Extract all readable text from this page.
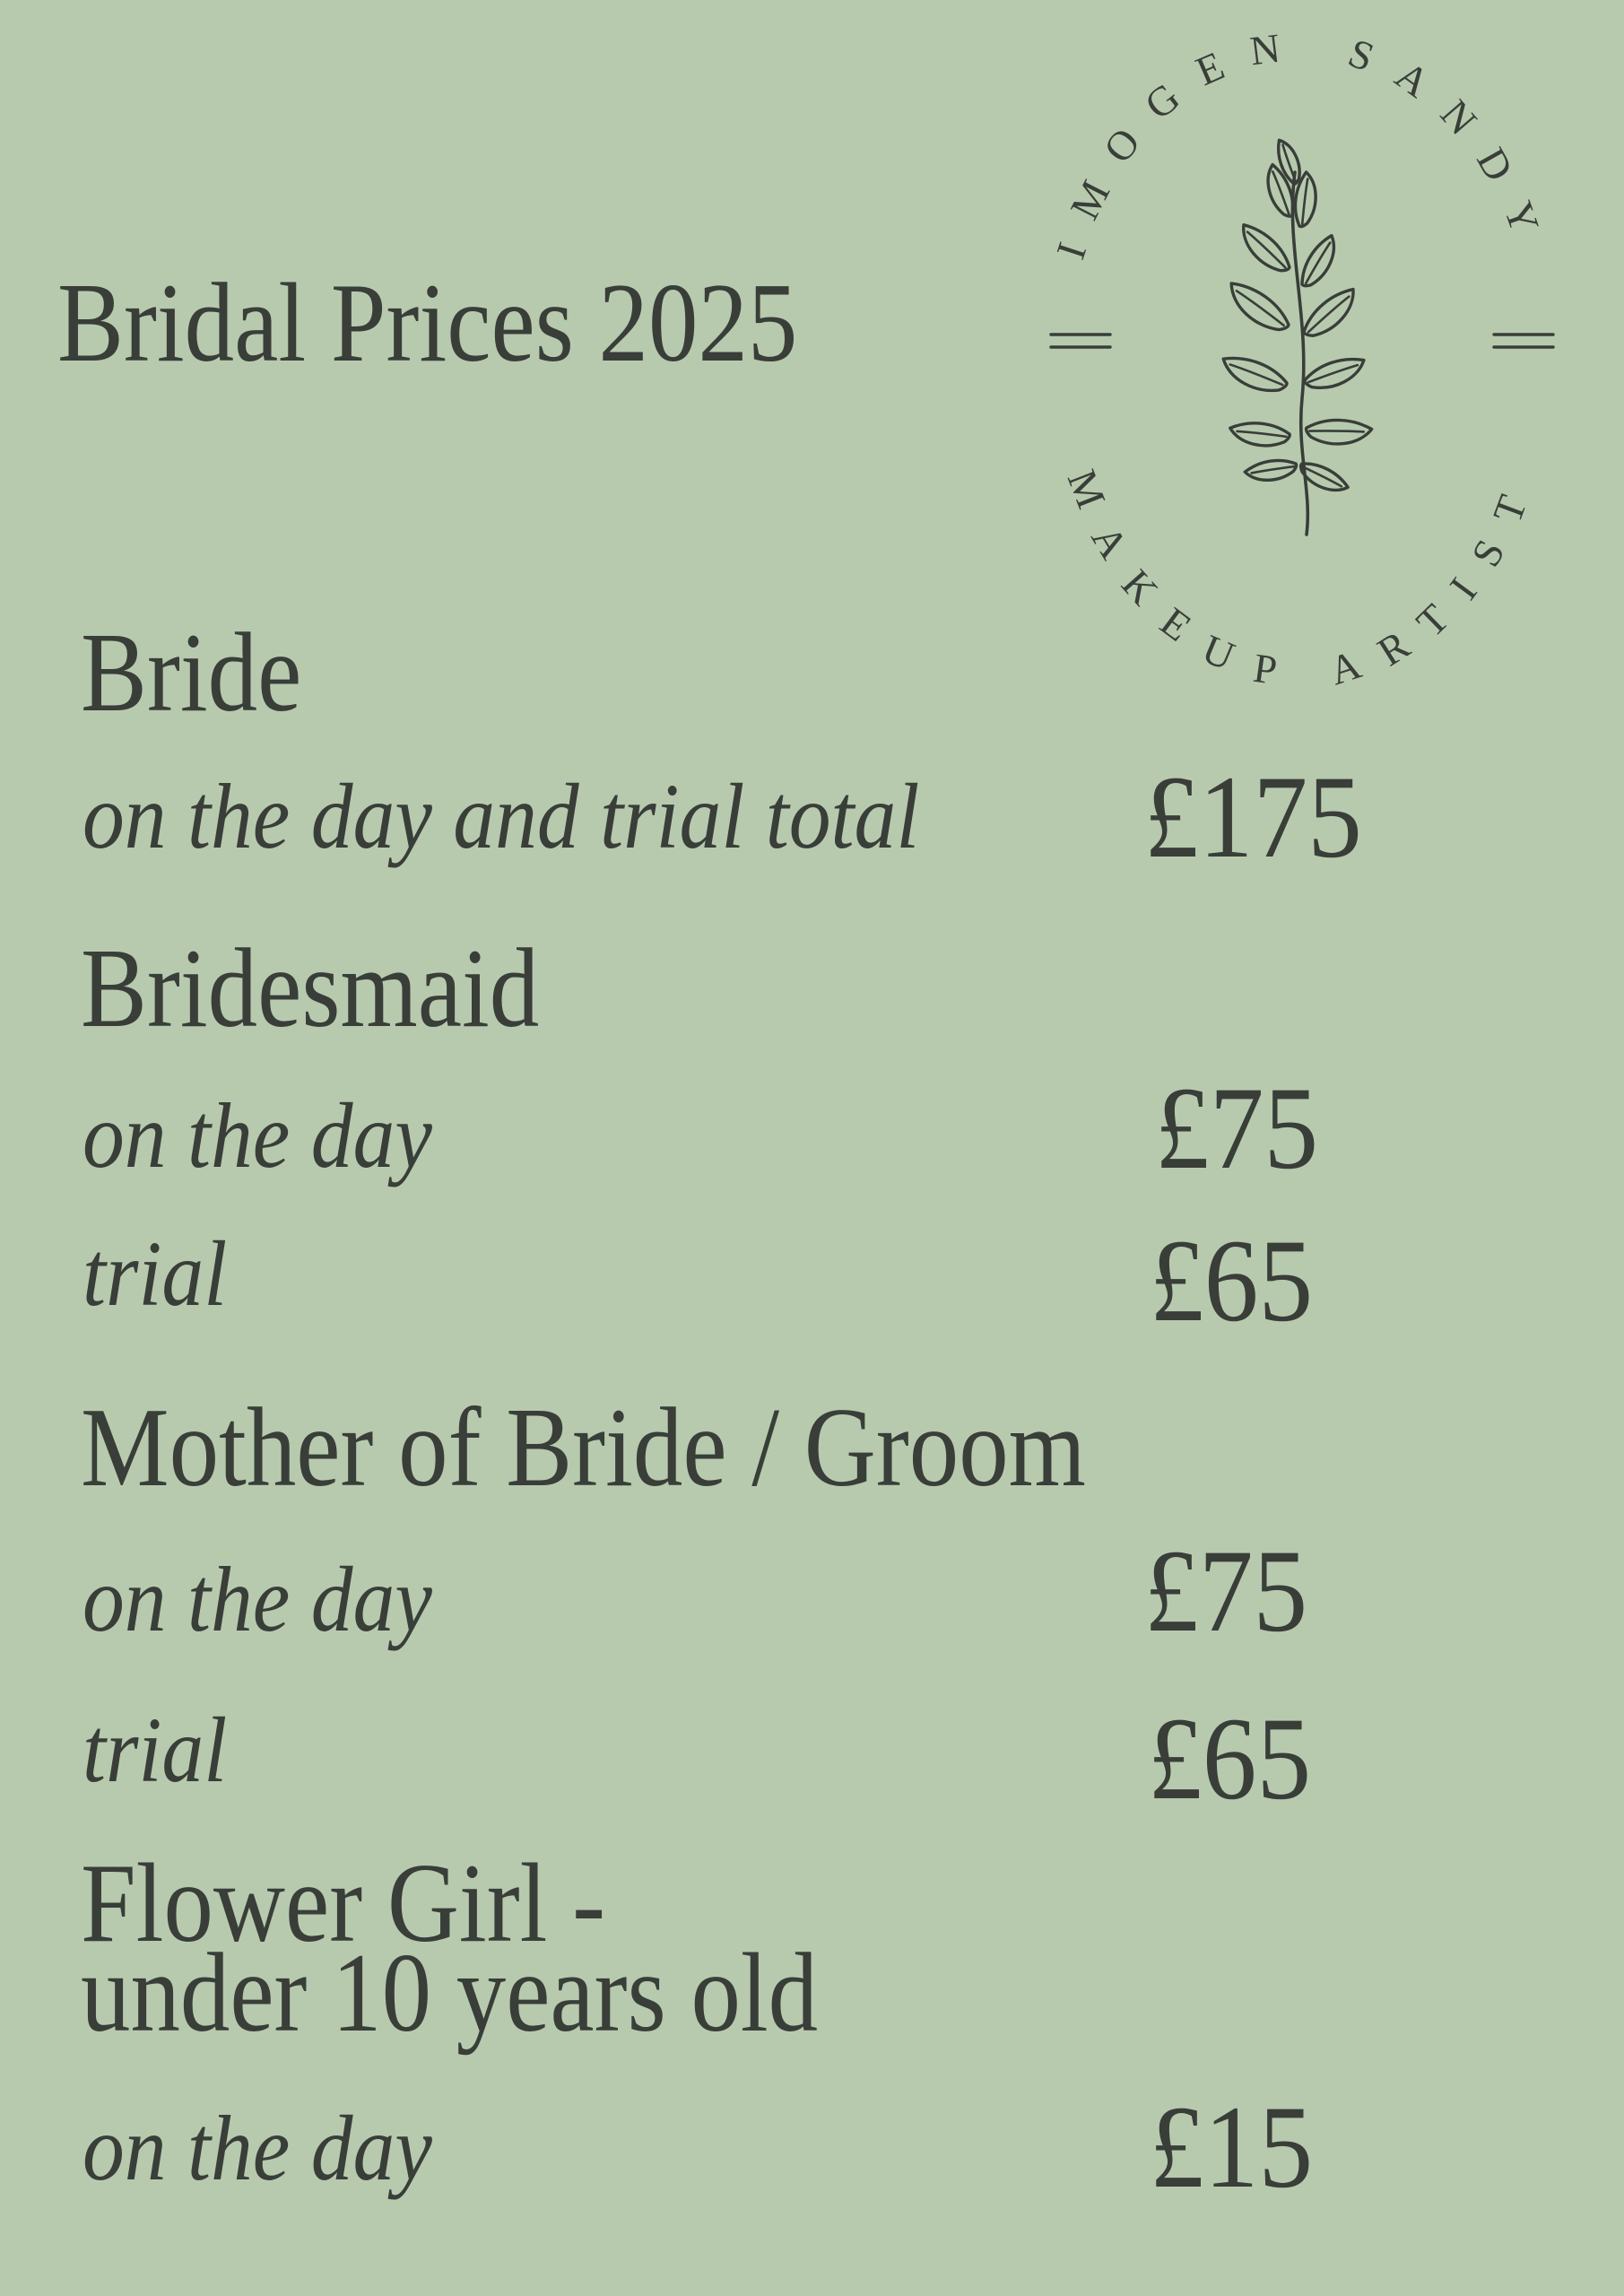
Bridal Prices 2025
IMOGEN SANDY
MAKEUP ARTIST
Bride
on the day and trial total £175
Bridesmaid
on the day	£75
trial	£65
Mother of Bride / Groom
on the day	£75
trial	£65
Flower Girl -
under 10 years old
on the day	£15
